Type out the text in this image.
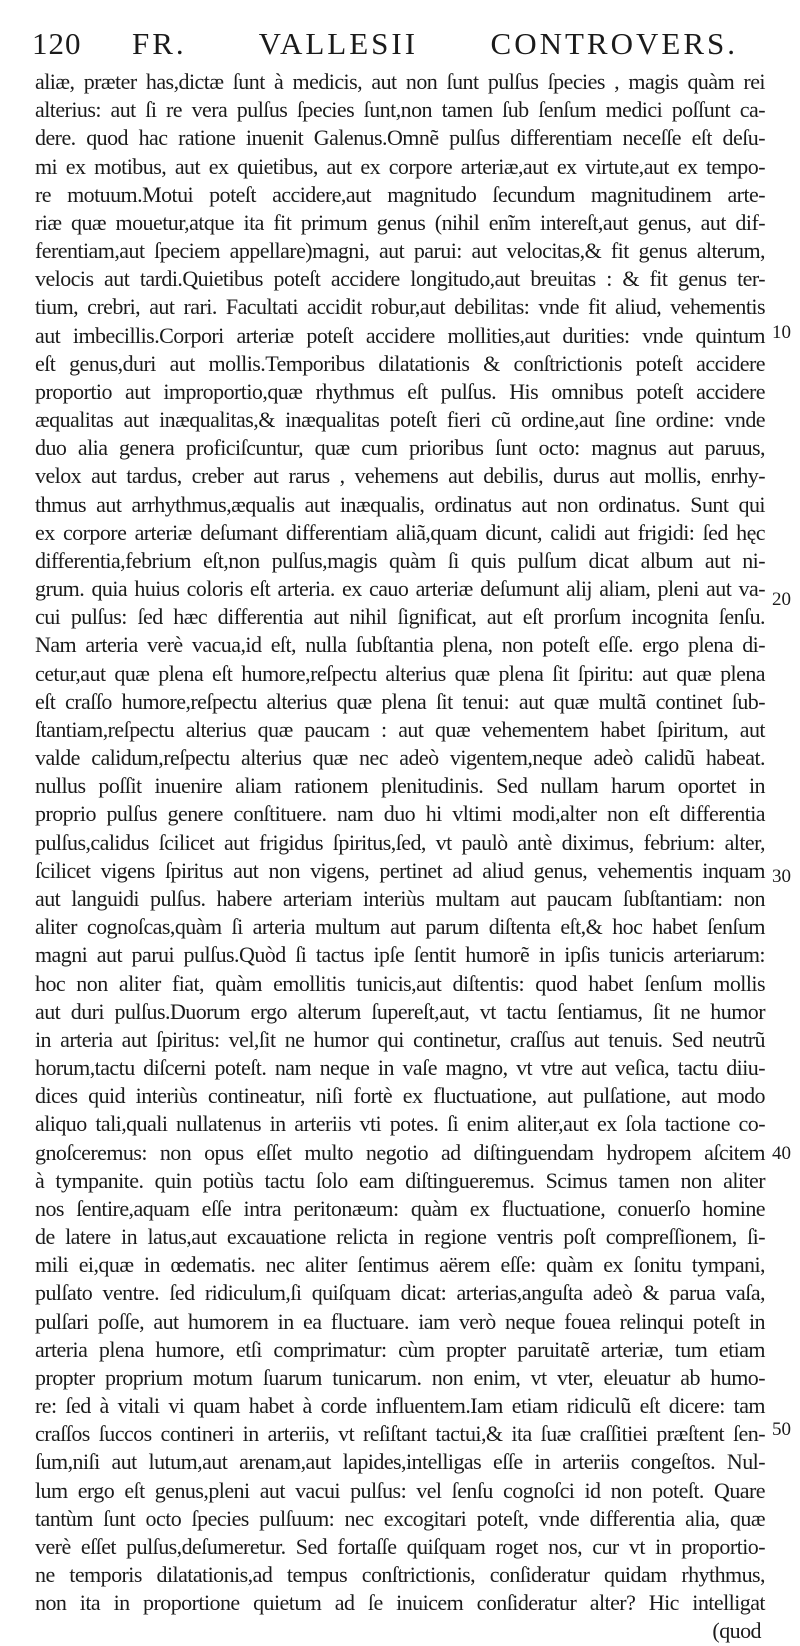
120 FR. VALLESII CONTROVERS.
aliæ, præter has,dictæ ſunt à medicis, aut non ſunt pulſus ſpecies , magis quàm rei
alterius: aut ſi re vera pulſus ſpecies ſunt,non tamen ſub ſenſum medici poſſunt ca-
dere. quod hac ratione inuenit Galenus.Omnẽ pulſus differentiam neceſſe eſt deſu-
mi ex motibus, aut ex quietibus, aut ex corpore arteriæ,aut ex virtute,aut ex tempo-
re motuum.Motui poteſt accidere,aut magnitudo ſecundum magnitudinem arte-
riæ quæ mouetur,atque ita fit primum genus (nihil enĩm intereſt,aut genus, aut dif-
ferentiam,aut ſpeciem appellare)magni, aut parui: aut velocitas,& fit genus alterum,
velocis aut tardi.Quietibus poteſt accidere longitudo,aut breuitas : & fit genus ter-
tium, crebri, aut rari. Facultati accidit robur,aut debilitas: vnde fit aliud, vehementis
aut imbecillis.Corpori arteriæ poteſt accidere mollities,aut durities: vnde quintum
eſt genus,duri aut mollis.Temporibus dilatationis & conſtrictionis poteſt accidere
proportio aut improportio,quæ rhythmus eſt pulſus. His omnibus poteſt accidere
æqualitas aut inæqualitas,& inæqualitas poteſt fieri cũ ordine,aut ſine ordine: vnde
duo alia genera proficiſcuntur, quæ cum prioribus ſunt octo: magnus aut paruus,
velox aut tardus, creber aut rarus , vehemens aut debilis, durus aut mollis, enrhy-
thmus aut arrhythmus,æqualis aut inæqualis, ordinatus aut non ordinatus. Sunt qui
ex corpore arteriæ deſumant differentiam aliã,quam dicunt, calidi aut frigidi: ſed hęc
differentia,febrium eſt,non pulſus,magis quàm ſi quis pulſum dicat album aut ni-
grum. quia huius coloris eſt arteria. ex cauo arteriæ deſumunt alij aliam, pleni aut va-
cui pulſus: ſed hæc differentia aut nihil ſignificat, aut eſt prorſum incognita ſenſu.
Nam arteria verè vacua,id eſt, nulla ſubſtantia plena, non poteſt eſſe. ergo plena di-
cetur,aut quæ plena eſt humore,reſpectu alterius quæ plena ſit ſpiritu: aut quæ plena
eſt craſſo humore,reſpectu alterius quæ plena ſit tenui: aut quæ multã continet ſub-
ſtantiam,reſpectu alterius quæ paucam : aut quæ vehementem habet ſpiritum, aut
valde calidum,reſpectu alterius quæ nec adeò vigentem,neque adeò calidũ habeat.
nullus poſſit inuenire aliam rationem plenitudinis. Sed nullam harum oportet in
proprio pulſus genere conſtituere. nam duo hi vltimi modi,alter non eſt differentia
pulſus,calidus ſcilicet aut frigidus ſpiritus,ſed, vt paulò antè diximus, febrium: alter,
ſcilicet vigens ſpiritus aut non vigens, pertinet ad aliud genus, vehementis inquam
aut languidi pulſus. habere arteriam interiùs multam aut paucam ſubſtantiam: non
aliter cognoſcas,quàm ſi arteria multum aut parum diſtenta eſt,& hoc habet ſenſum
magni aut parui pulſus.Quòd ſi tactus ipſe ſentit humorẽ in ipſis tunicis arteriarum:
hoc non aliter fiat, quàm emollitis tunicis,aut diſtentis: quod habet ſenſum mollis
aut duri pulſus.Duorum ergo alterum ſupereſt,aut, vt tactu ſentiamus, ſit ne humor
in arteria aut ſpiritus: vel,ſit ne humor qui continetur, craſſus aut tenuis. Sed neutrũ
horum,tactu diſcerni poteſt. nam neque in vaſe magno, vt vtre aut veſica, tactu diiu-
dices quid interiùs contineatur, niſi fortè ex fluctuatione, aut pulſatione, aut modo
aliquo tali,quali nullatenus in arteriis vti potes. ſi enim aliter,aut ex ſola tactione co-
gnoſceremus: non opus eſſet multo negotio ad diſtinguendam hydropem aſcitem
à tympanite. quin potiùs tactu ſolo eam diſtingueremus. Scimus tamen non aliter
nos ſentire,aquam eſſe intra peritonæum: quàm ex fluctuatione, conuerſo homine
de latere in latus,aut excauatione relicta in regione ventris poſt compreſſionem, ſi-
mili ei,quæ in œdematis. nec aliter ſentimus aërem eſſe: quàm ex ſonitu tympani,
pulſato ventre. ſed ridiculum,ſi quiſquam dicat: arterias,anguſta adeò & parua vaſa,
pulſari poſſe, aut humorem in ea fluctuare. iam verò neque fouea relinqui poteſt in
arteria plena humore, etſi comprimatur: cùm propter paruitatẽ arteriæ, tum etiam
propter proprium motum ſuarum tunicarum. non enim, vt vter, eleuatur ab humo-
re: ſed à vitali vi quam habet à corde influentem.Iam etiam ridiculũ eſt dicere: tam
craſſos ſuccos contineri in arteriis, vt reſiſtant tactui,& ita ſuæ craſſitiei præſtent ſen-
ſum,niſi aut lutum,aut arenam,aut lapides,intelligas eſſe in arteriis congeſtos. Nul-
lum ergo eſt genus,pleni aut vacui pulſus: vel ſenſu cognoſci id non poteſt. Quare
tantùm ſunt octo ſpecies pulſuum: nec excogitari poteſt, vnde differentia alia, quæ
verè eſſet pulſus,deſumeretur. Sed fortaſſe quiſquam roget nos, cur vt in proportio-
ne temporis dilatationis,ad tempus conſtrictionis, conſideratur quidam rhythmus,
non ita in proportione quietum ad ſe inuicem conſideratur alter? Hic intelligat
(quod
10
20
30
40
50
